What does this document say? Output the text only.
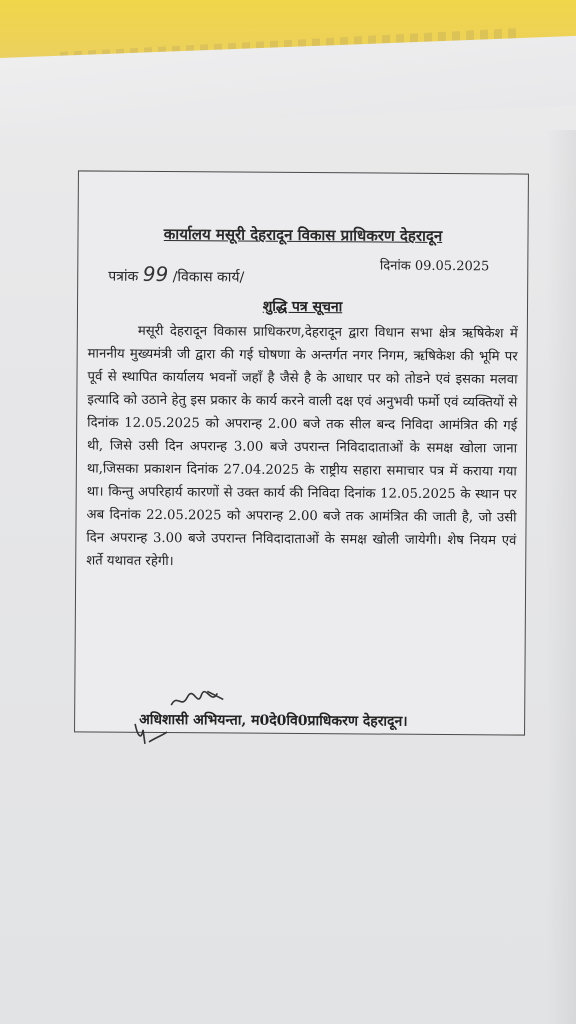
कार्यालय मसूरी देहरादून विकास प्राधिकरण देहरादून
पत्रांक 99 /विकास कार्य/
दिनांक 09.05.2025
शुद्धि पत्र सूचना

मसूरी देहरादून विकास प्राधिकरण,देहरादून द्वारा विधान सभा क्षेत्र ऋषिकेश में माननीय मुख्यमंत्री जी द्वारा की गई घोषणा के अन्तर्गत नगर निगम, ऋषिकेश की भूमि पर पूर्व से स्थापित कार्यालय भवनों जहाँ है जैसे है के आधार पर को तोडने एवं इसका मलवा इत्यादि को उठाने हेतु इस प्रकार के कार्य करने वाली दक्ष एवं अनुभवी फर्मो एवं व्यक्तियों से दिनांक 12.05.2025 को अपरान्ह 2.00 बजे तक सील बन्द निविदा आमंत्रित की गई थी, जिसे उसी दिन अपरान्ह 3.00 बजे उपरान्त निविदादाताओं के समक्ष खोला जाना था,जिसका प्रकाशन दिनांक 27.04.2025 के राष्ट्रीय सहारा समाचार पत्र में कराया गया था। किन्तु अपरिहार्य कारणों से उक्त कार्य की निविदा दिनांक 12.05.2025 के स्थान पर अब दिनांक 22.05.2025 को अपरान्ह 2.00 बजे तक आमंत्रित की जाती है, जो उसी दिन अपरान्ह 3.00 बजे उपरान्त निविदादाताओं के समक्ष खोली जायेगी। शेष नियम एवं शर्ते यथावत रहेगी।

अधिशासी अभियन्ता, म0दे0वि0प्राधिकरण देहरादून।
